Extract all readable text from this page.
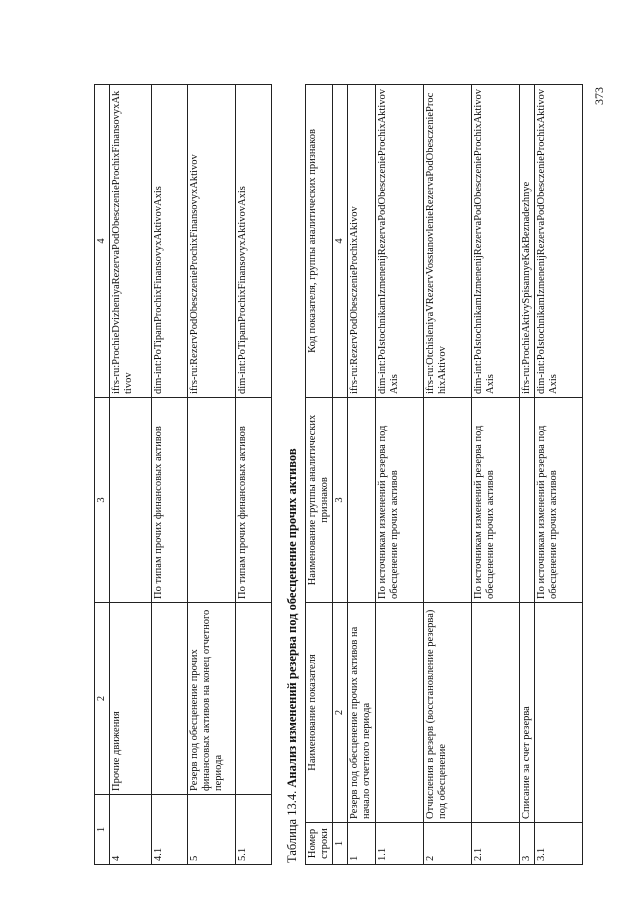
1	2	3	4
4	Прочие движения		ifrs-ru:ProchieDvizheniyaRezervaPodObesczenieProchixFinansovyxAktivov
4.1		По типам прочих финансовых активов	dim-int:PoTipamProchixFinansovyxAktivovAxis
5	Резерв под обесценение прочих финансовых активов на конец отчетного периода		ifrs-ru:RezervPodObesczenieProchixFinansovyxAktivov
5.1		По типам прочих финансовых активов	dim-int:PoTipamProchixFinansovyxAktivovAxis
Таблица 13.4. Анализ изменений резерва под обесценение прочих активов
Номер строки	Наименование показателя	Наименование группы аналитических признаков	Код показателя, группы аналитических признаков
1	2	3	4
1	Резерв под обесценение прочих активов на начало отчетного периода		ifrs-ru:RezervPodObesczenieProchixAkivov
1.1		По источникам изменений резерва под обесценение прочих активов	dim-int:PoIstochnikamIzmenenijRezervaPodObesczenieProchixAktivovAxis
2	Отчисления в резерв (восстановление резерва) под обесценение		ifrs-ru:OtchisleniyaVRezervVosstanovlenieRezervaPodObesczenieProchixAktivov
2.1		По источникам изменений резерва под обесценение прочих активов	dim-int:PoIstochnikamIzmenenijRezervaPodObesczenieProchixAktivovAxis
3	Списание за счет резерва		ifrs-ru:ProchieAktivySpisannyeKakBeznadezhnye
3.1		По источникам изменений резерва под обесценение прочих активов	dim-int:PoIstochnikamIzmenenijRezervaPodObesczenieProchixAktivovAxis
373
